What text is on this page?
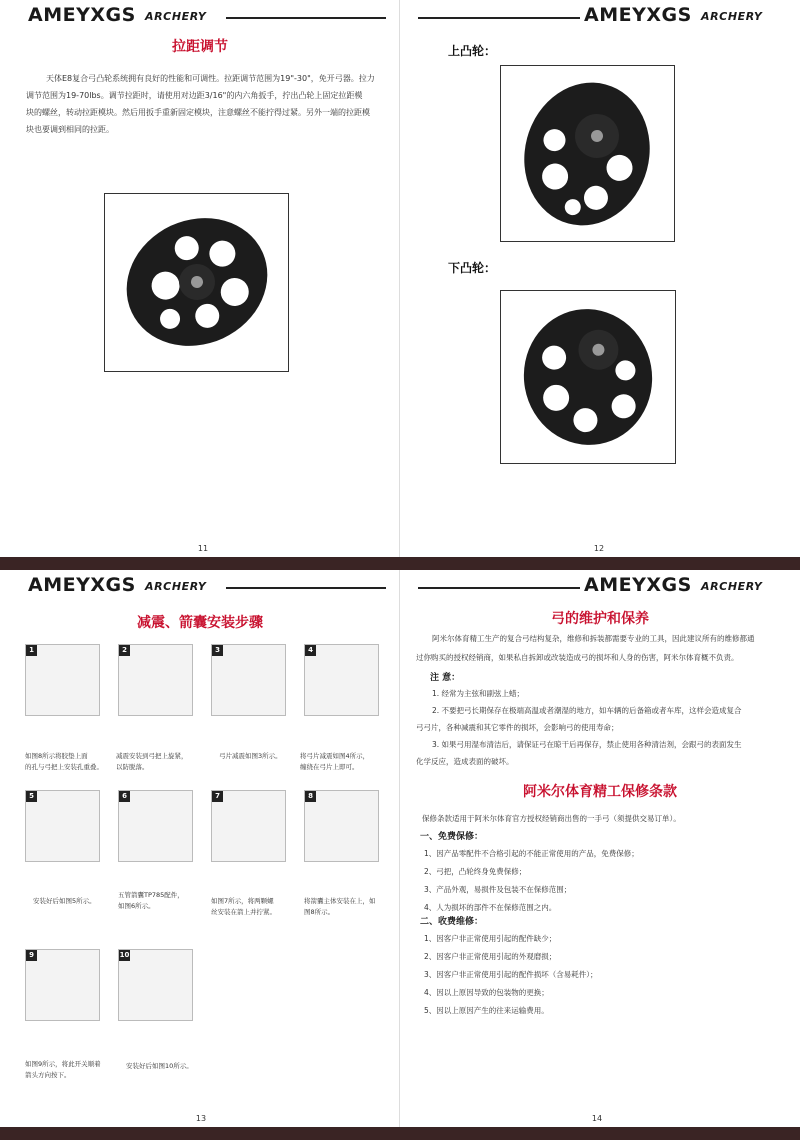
AMEYXGS ARCHERY
拉距调节
天体E8复合弓凸轮系统拥有良好的性能和可调性。拉距调节范围为19"-30"，免开弓器。拉力
调节范围为19-70lbs。调节拉距时，请使用对边距3/16"的内六角扳手，拧出凸轮上固定拉距模
块的螺丝，转动拉距模块。然后用扳手重新固定模块，注意螺丝不能拧得过紧。另外一端的拉距模
块也要调到相同的拉距。
11
AMEYXGS ARCHERY
上凸轮：
下凸轮：
12
AMEYXGS ARCHERY
减震、箭囊安装步骤
1	2	3	4
如图8所示将胶垫上面
的孔与弓把上安装孔重叠。
减震安装到弓把上旋紧，
以防脱落。
弓片减震如图3所示。	将弓片减震如图4所示，
缠绕在弓片上即可。
5	6	7	8
安装好后如图5所示。
五管箭囊TP785配件，
如图6所示。
如图7所示，将两颗螺
丝安装在箭上并拧紧。
将箭囊主体安装在上，如
图8所示。
9	10
如图9所示，将此开关顺着
箭头方向按下。
安装好后如图10所示。
13
AMEYXGS ARCHERY
弓的维护和保养
阿米尔体育精工生产的复合弓结构复杂，维修和拆装都需要专业的工具，因此建议所有的维修都通
过你购买的授权经销商，如果私自拆卸或改装造成弓的损坏和人身的伤害，阿米尔体育概不负责。
注 意：
1. 经常为主弦和副弦上蜡；
2. 不要把弓长期保存在极端高温或者潮湿的地方，如车辆的后备箱或者车库，这样会造成复合
弓弓片，各种减震和其它零件的损坏，会影响弓的使用寿命；
3. 如果弓用湿布清洁后，请保证弓在晾干后再保存，禁止使用各种清洁剂，会跟弓的表面发生
化学反应，造成表面的破坏。
阿米尔体育精工保修条款
保修条款适用于阿米尔体育官方授权经销商出售的一手弓（须提供交易订单）。
一、免费保修：
1、因产品零配件不合格引起的不能正常使用的产品，免费保修；
2、弓把，凸轮终身免费保修；
3、产品外观，易损件及包装不在保修范围；
4、人为损坏的部件不在保修范围之内。
二、收费维修：
1、因客户非正常使用引起的配件缺少；
2、因客户非正常使用引起的外观磨损；
3、因客户非正常使用引起的配件损坏（含易耗件）；
4、因以上原因导致的包装物的更换；
5、因以上原因产生的往来运输费用。
14
